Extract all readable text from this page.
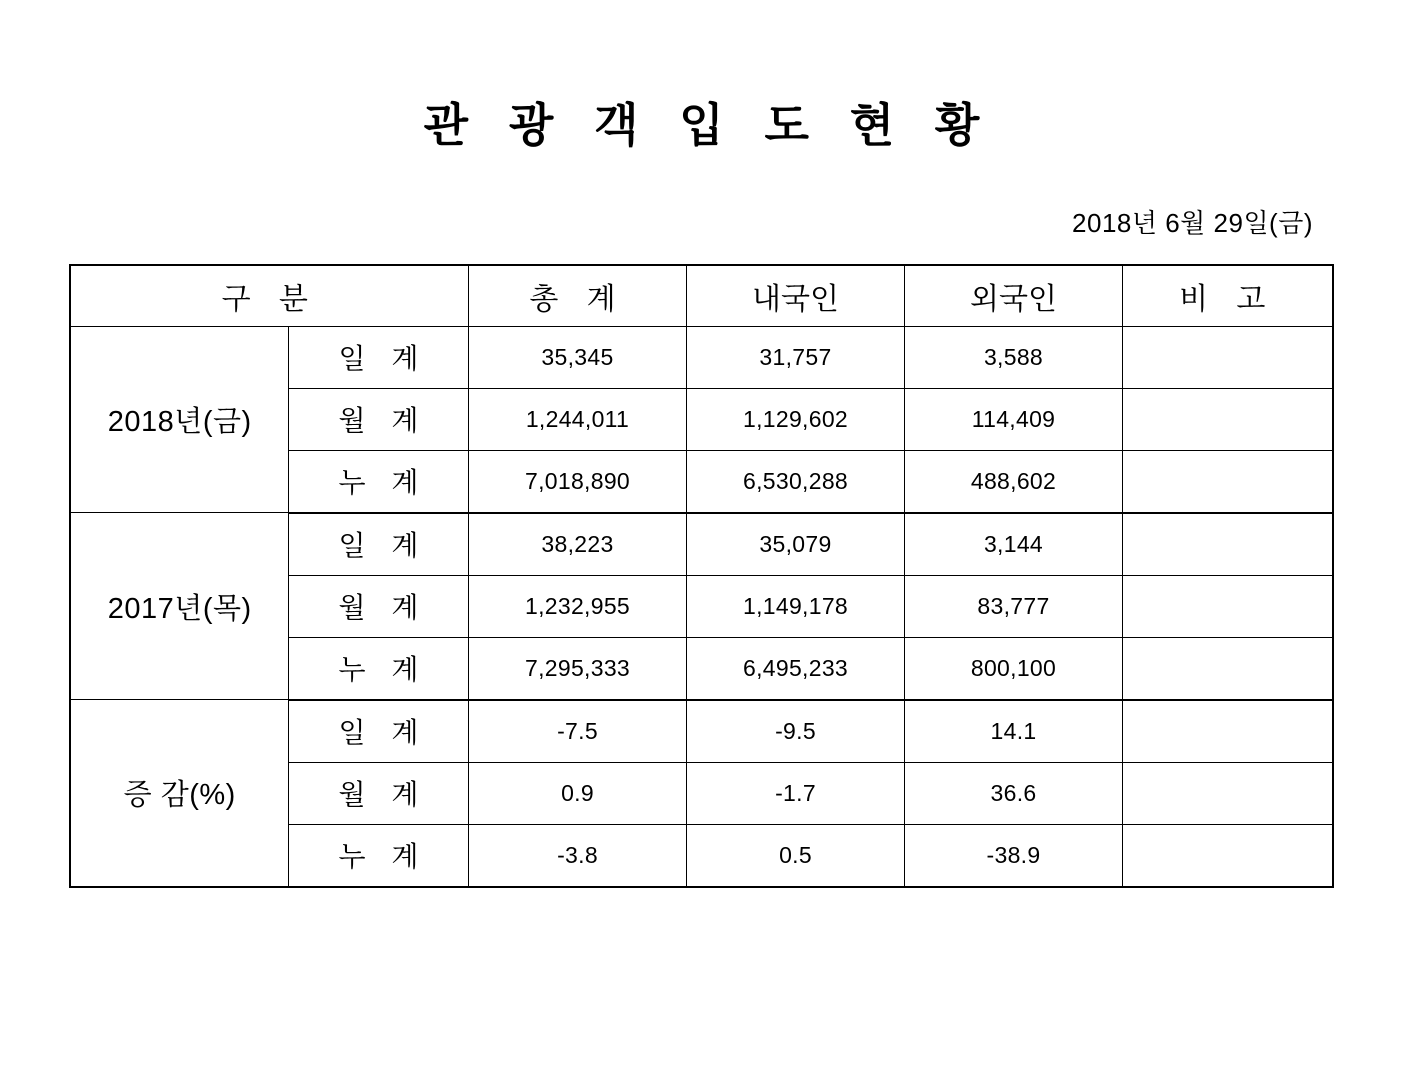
관 광 객 입 도 현 황
2018년 6월 29일(금)
구 분		총 계	내국인	외국인	비 고
2018년(금)	일 계	35,345	31,757	3,588	
	월 계	1,244,011	1,129,602	114,409	
	누 계	7,018,890	6,530,288	488,602	
2017년(목)	일 계	38,223	35,079	3,144	
	월 계	1,232,955	1,149,178	83,777	
	누 계	7,295,333	6,495,233	800,100	
증 감(%)	일 계	-7.5	-9.5	14.1	
	월 계	0.9	-1.7	36.6	
	누 계	-3.8	0.5	-38.9	
